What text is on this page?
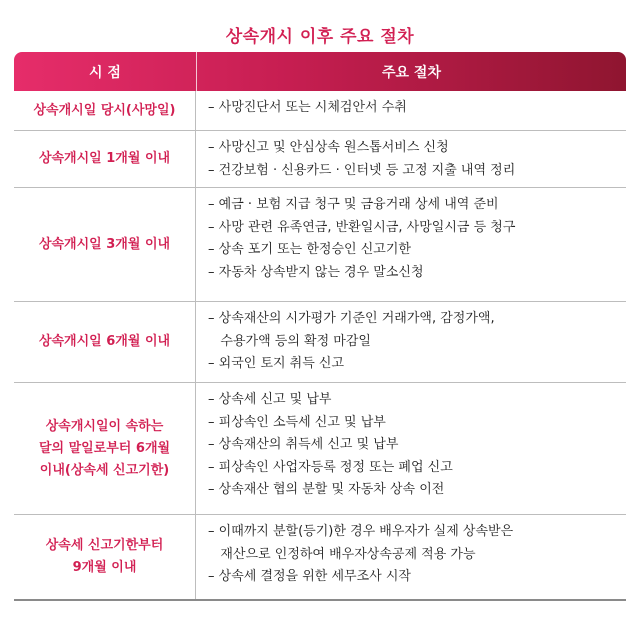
상속개시 이후 주요 절차
시 점	주요 절차
상속개시일 당시(사망일)	– 사망진단서 또는 시체검안서 수취
상속개시일 1개월 이내
– 사망신고 및 안심상속 원스톱서비스 신청
– 건강보험 · 신용카드 · 인터넷 등 고정 지출 내역 정리
상속개시일 3개월 이내
– 예금 · 보험 지급 청구 및 금융거래 상세 내역 준비
– 사망 관련 유족연금, 반환일시금, 사망일시금 등 청구
– 상속 포기 또는 한정승인 신고기한
– 자동차 상속받지 않는 경우 말소신청
상속개시일 6개월 이내
– 상속재산의 시가평가 기준인 거래가액, 감정가액,
수용가액 등의 확정 마감일
– 외국인 토지 취득 신고
상속개시일이 속하는
달의 말일로부터 6개월
이내(상속세 신고기한)
– 상속세 신고 및 납부
– 피상속인 소득세 신고 및 납부
– 상속재산의 취득세 신고 및 납부
– 피상속인 사업자등록 정정 또는 폐업 신고
– 상속재산 협의 분할 및 자동차 상속 이전
상속세 신고기한부터
9개월 이내
– 이때까지 분할(등기)한 경우 배우자가 실제 상속받은
재산으로 인정하여 배우자상속공제 적용 가능
– 상속세 결정을 위한 세무조사 시작
